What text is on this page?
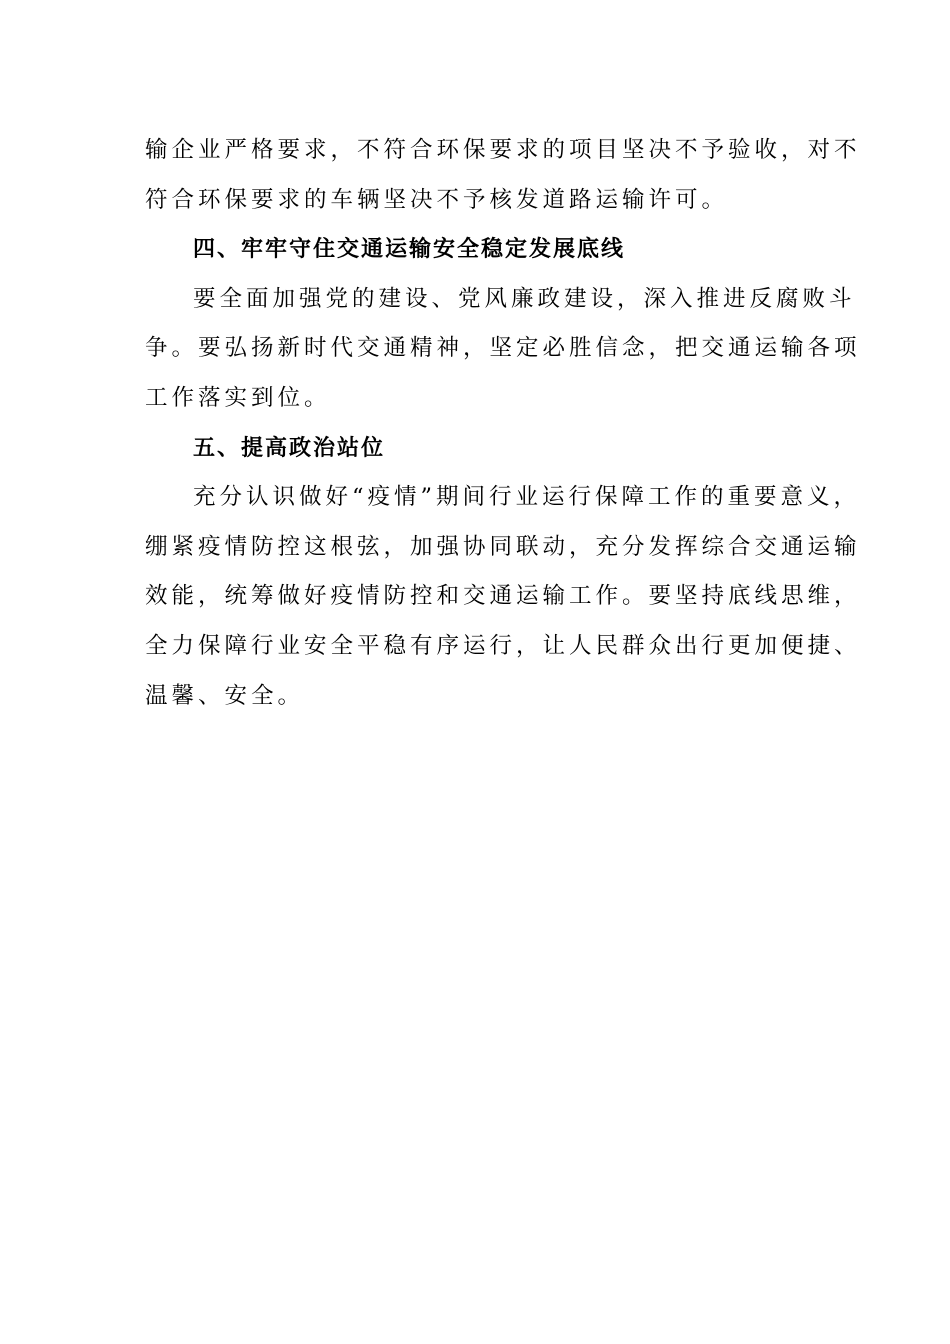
输企业严格要求，不符合环保要求的项目坚决不予验收，对不
符合环保要求的车辆坚决不予核发道路运输许可。

四、牢牢守住交通运输安全稳定发展底线

要全面加强党的建设、党风廉政建设，深入推进反腐败斗
争。要弘扬新时代交通精神，坚定必胜信念，把交通运输各项
工作落实到位。

五、提高政治站位

充分认识做好“疫情”期间行业运行保障工作的重要意义，
绷紧疫情防控这根弦，加强协同联动，充分发挥综合交通运输
效能，统筹做好疫情防控和交通运输工作。要坚持底线思维，
全力保障行业安全平稳有序运行，让人民群众出行更加便捷、
温馨、安全。
